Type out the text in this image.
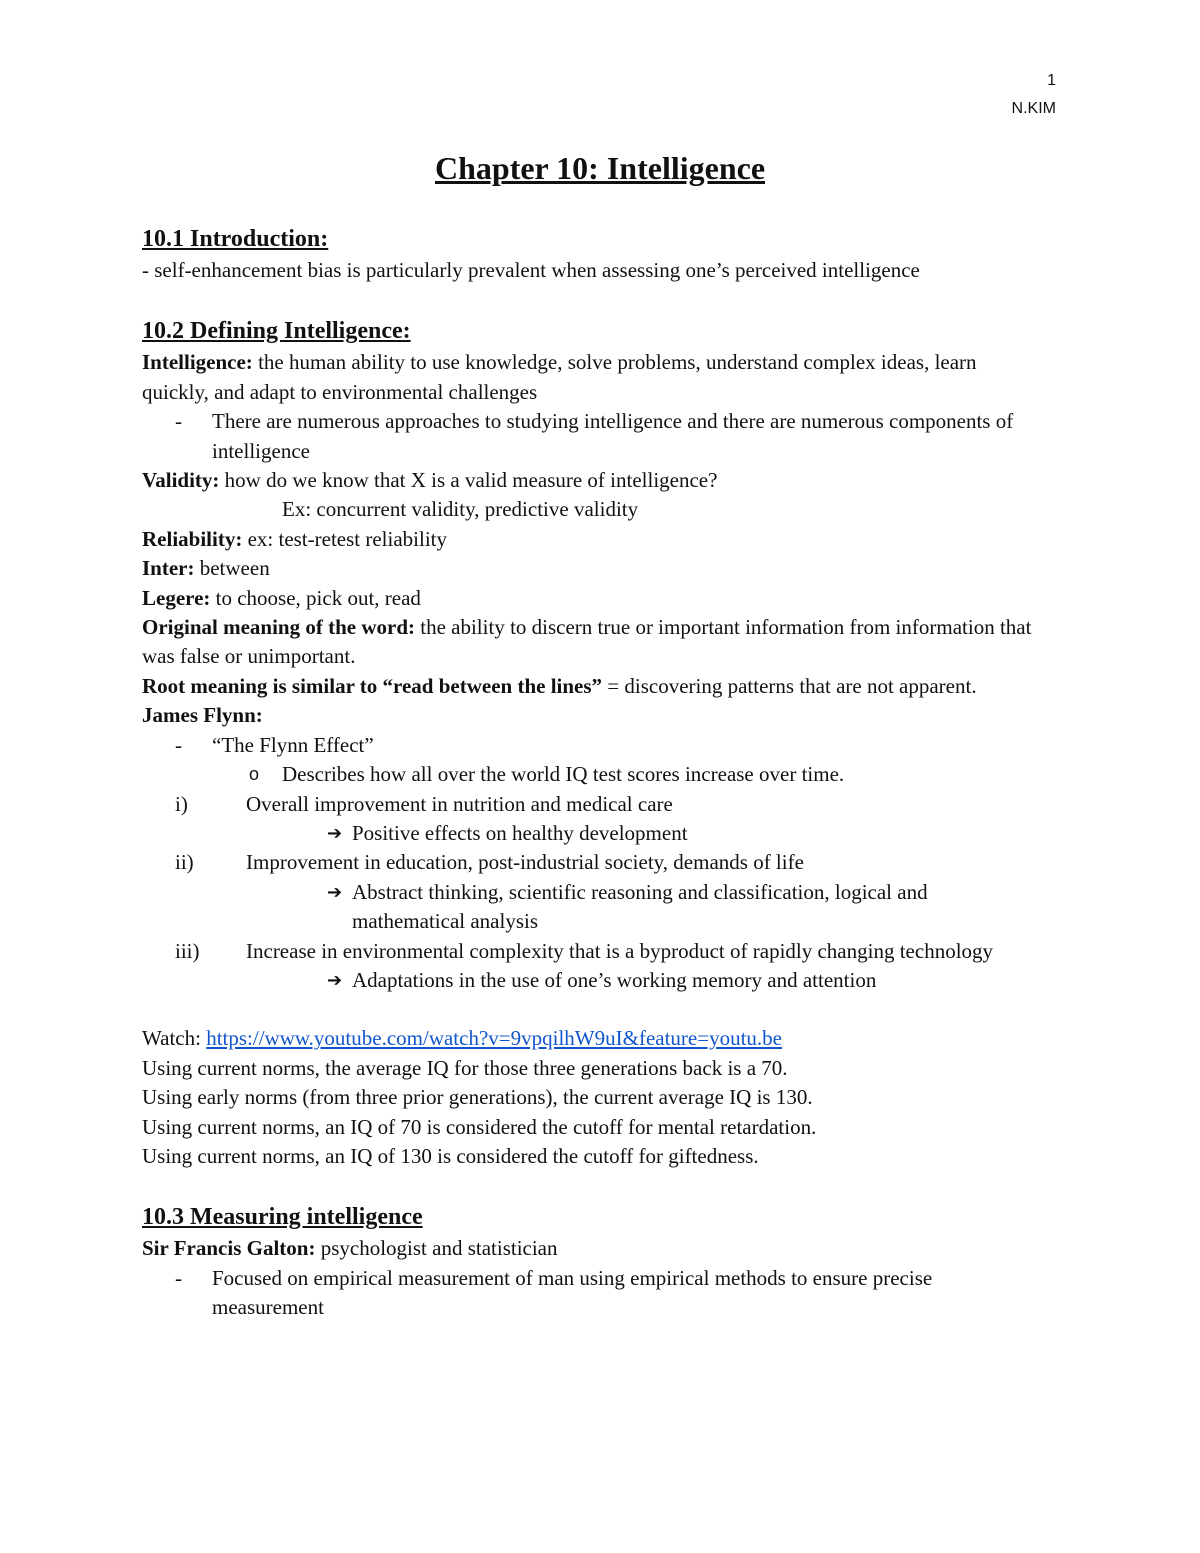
1
N.KIM
Chapter 10: Intelligence

10.1 Introduction:

- self-enhancement bias is particularly prevalent when assessing one’s perceived intelligence

10.2 Defining Intelligence:

Intelligence: the human ability to use knowledge, solve problems, understand complex ideas, learn quickly, and adapt to environmental challenges

- There are numerous approaches to studying intelligence and there are numerous components of intelligence

Validity: how do we know that X is a valid measure of intelligence?

Ex: concurrent validity, predictive validity

Reliability: ex: test-retest reliability

Inter: between

Legere: to choose, pick out, read

Original meaning of the word: the ability to discern true or important information from information that was false or unimportant.

Root meaning is similar to “read between the lines” = discovering patterns that are not apparent.

James Flynn:

- “The Flynn Effect”
o Describes how all over the world IQ test scores increase over time.
i)	Overall improvement in nutrition and medical care
➔ Positive effects on healthy development
ii) Improvement in education, post-industrial society, demands of life
➔ Abstract thinking, scientific reasoning and classification, logical and mathematical analysis
iii) Increase in environmental complexity that is a byproduct of rapidly changing technology
➔ Adaptations in the use of one’s working memory and attention

Watch: https://www.youtube.com/watch?v=9vpqilhW9uI&feature=youtu.be

Using current norms, the average IQ for those three generations back is a 70.

Using early norms (from three prior generations), the current average IQ is 130.

Using current norms, an IQ of 70 is considered the cutoff for mental retardation.

Using current norms, an IQ of 130 is considered the cutoff for giftedness.

10.3 Measuring intelligence

Sir Francis Galton: psychologist and statistician

- Focused on empirical measurement of man using empirical methods to ensure precise measurement
